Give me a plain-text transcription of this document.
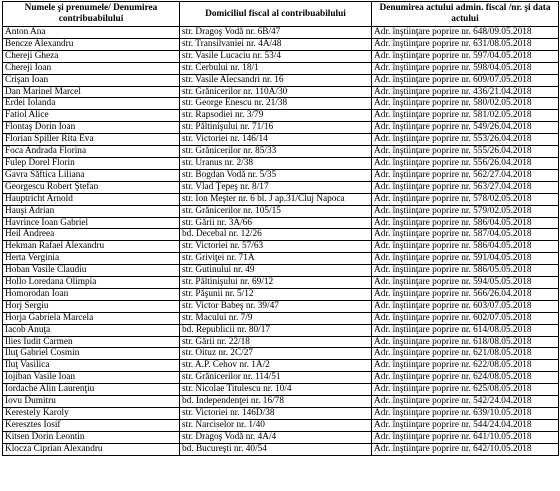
Numele şi prenumele/ Denumirea contribuabilului	Domiciliul fiscal al contribuabilului	Denumirea actului admin. fiscal /nr. şi data actului
Anton Ana	str. Dragoş Vodă nr. 6B/47	Adr. înştiinţare poprire nr. 648/09.05.2018
Bencze Alexandru	str. Transilvaniei nr. 4A/48	Adr. înştiinţare poprire nr. 631/08.05.2018
Chereji Gheza	str. Vasile Lucaciu nr. 53/4	Adr. înştiinţare poprire nr. 597/04.05.2018
Chereji Ioan	str. Cerbului nr. 18/1	Adr. înştiinţare poprire nr. 598/04.05.2018
Crişan Ioan	str. Vasile Alecsandri nr. 16	Adr. înştiinţare poprire nr. 609/07.05.2018
Dan Marinel Marcel	str. Grănicerilor nr. 110A/30	Adr. înştiinţare poprire nr. 436/21.04.2018
Erdei Iolanda	str. George Enescu nr. 21/38	Adr. înştiinţare poprire nr. 580/02.05.2018
Fatiol Alice	str. Rapsodiei nr. 3/79	Adr. înştiinţare poprire nr. 581/02.05.2018
Flontaş Dorin Ioan	str. Păltinişului nr. 71/16	Adr. înştiinţare poprire nr. 549/26.04.2018
Florian Spiller Rita Eva	str. Victoriei nr. 146/14	Adr. înştiinţare poprire nr. 553/26.04.2018
Foca Andrada Florina	str. Grănicerilor nr. 85/33	Adr. înştiinţare poprire nr. 555/26.04.2018
Fulep Dorel Florin	str. Uranus nr. 2/38	Adr. înştiinţare poprire nr. 556/26.04.2018
Gavra Săftica Liliana	str. Bogdan Vodă nr. 5/35	Adr. înştiinţare poprire nr. 562/27.04.2018
Georgescu Robert Ştefan	str. Vlad Ţepeş nr. 8/17	Adr. înştiinţare poprire nr. 563/27.04.2018
Hauptricht Arnold	str. Ion Meşter nr. 6 bl. J ap.31/Cluj Napoca	Adr. înştiinţare poprire nr. 578/02.05.2018
Hauşi Adrian	str. Grănicerilor nr. 105/15	Adr. înştiinţare poprire nr. 579/02.05.2018
Havrince Ioan Gabriel	str. Gării nr. 3A/66	Adr. înştiinţare poprire nr. 586/04.05.2018
Heil Andreea	bd. Decebal nr. 12/26	Adr. înştiinţare poprire nr. 587/04.05.2018
Hekman Rafael Alexandru	str. Victoriei nr. 57/63	Adr. înştiinţare poprire nr. 586/04.05.2018
Herta Verginia	str. Griviţei nr. 71A	Adr. înştiinţare poprire nr. 591/04.05.2018
Hoban Vasile Claudiu	str. Gutinului nr. 49	Adr. înştiinţare poprire nr. 586/05.05.2018
Hollo Loredana Olimpia	str. Păltinişului nr. 69/12	Adr. înştiinţare poprire nr. 594/05.05.2018
Homorodan Ioan	str. Păşunii nr. 5/12	Adr. înştiinţare poprire nr. 566/26.04.2018
Horj Sergiu	str. Victor Babeş nr. 39/47	Adr. înştiinţare poprire nr. 603/07.05.2018
Horja Gabriela Marcela	str. Macului nr. 7/9	Adr. înştiinţare poprire nr. 602/07.05.2018
Iacob Anuţa	bd. Republicii nr. 80/17	Adr. înştiinţare poprire nr. 614/08.05.2018
Ilies Iudit Carmen	str. Gării nr. 22/18	Adr. înştiinţare poprire nr. 618/08.05.2018
Iluţ Gabriel Cosmin	str. Oituz nr. 2C/27	Adr. înştiinţare poprire nr. 621/08.05.2018
Iluţ Vasilica	str. A.P. Cehov nr. 1A/2	Adr. înştiinţare poprire nr. 622/08.05.2018
Iojiban Vasile Ioan	str. Grănicerilor nr. 114/51	Adr. înştiinţare poprire nr. 624/08.05.2018
Iordache Alin Laurenţiu	str. Nicolae Titulescu nr. 10/4	Adr. înştiinţare poprire nr. 625/08.05.2018
Iovu Dumitru	bd. Independenţei nr. 16/78	Adr. înştiinţare poprire nr. 542/24.04.2018
Kerestely Karoly	str. Victoriei nr. 146D/38	Adr. înştiinţare poprire nr. 639/10.05.2018
Keresztes Iosif	str. Narciselor nr. 1/40	Adr. înştiinţare poprire nr. 544/24.04.2018
Kitsen Dorin Leontin	str. Dragoş Vodă nr. 4A/4	Adr. înştiinţare poprire nr. 641/10.05.2018
Klocza Ciprian Alexandru	bd. Bucureşti nr. 40/54	Adr. înştiinţare poprire nr. 642/10.05.2018
